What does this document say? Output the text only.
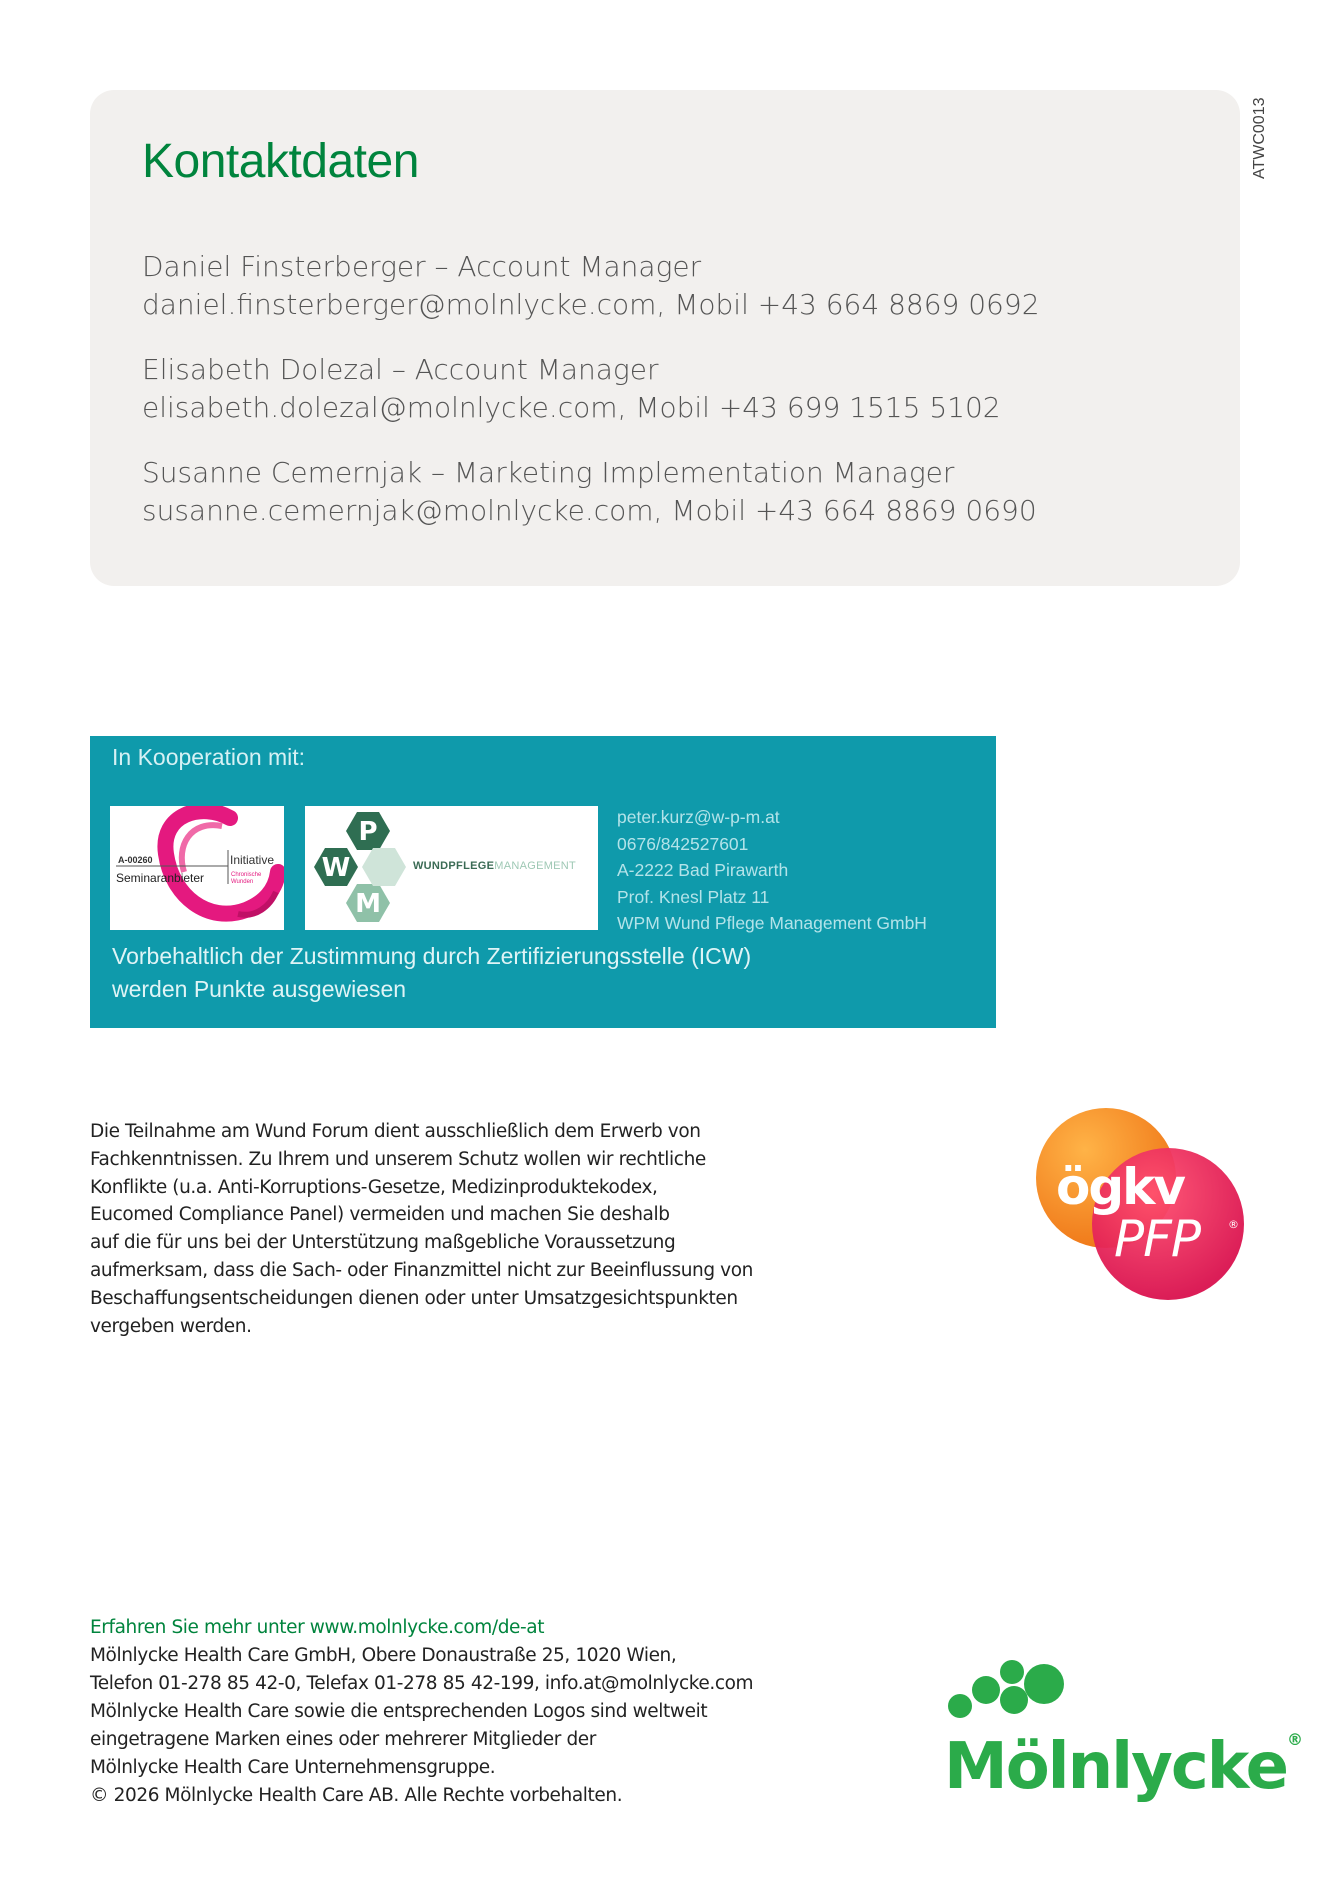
ATWC0013
Kontaktdaten
Daniel Finsterberger – Account Manager
daniel.finsterberger@molnlycke.com, Mobil +43 664 8869 0692
Elisabeth Dolezal – Account Manager
elisabeth.dolezal@molnlycke.com, Mobil +43 699 1515 5102
Susanne Cemernjak – Marketing Implementation Manager
susanne.cemernjak@molnlycke.com, Mobil +43 664 8869 0690
In Kooperation mit:
A-00260
Seminaranbieter
Initiative
Chronische
Wunden
P
W
M
WUNDPFLEGEMANAGEMENT
peter.kurz@w-p-m.at
0676/842527601
A-2222 Bad Pirawarth
Prof. Knesl Platz 11
WPM Wund Pflege Management GmbH
Vorbehaltlich der Zustimmung durch Zertifizierungsstelle (ICW)
werden Punkte ausgewiesen
Die Teilnahme am Wund Forum dient ausschließlich dem Erwerb von
Fachkenntnissen. Zu Ihrem und unserem Schutz wollen wir rechtliche
Konflikte (u.a. Anti-Korruptions-Gesetze, Medizinproduktekodex,
Eucomed Compliance Panel) vermeiden und machen Sie deshalb
auf die für uns bei der Unterstützung maßgebliche Voraussetzung
aufmerksam, dass die Sach- oder Finanzmittel nicht zur Beeinflussung von
Beschaffungsentscheidungen dienen oder unter Umsatzgesichtspunkten
vergeben werden.
ögkv
PFP	®
Erfahren Sie mehr unter www.molnlycke.com/de-at
Mölnlycke Health Care GmbH, Obere Donaustraße 25, 1020 Wien,
Telefon 01-278 85 42-0, Telefax 01-278 85 42-199, info.at@molnlycke.com
Mölnlycke Health Care sowie die entsprechenden Logos sind weltweit
eingetragene Marken eines oder mehrerer Mitglieder der
Mölnlycke Health Care Unternehmensgruppe.
© 2026 Mölnlycke Health Care AB. Alle Rechte vorbehalten.	Mölnlycke®
